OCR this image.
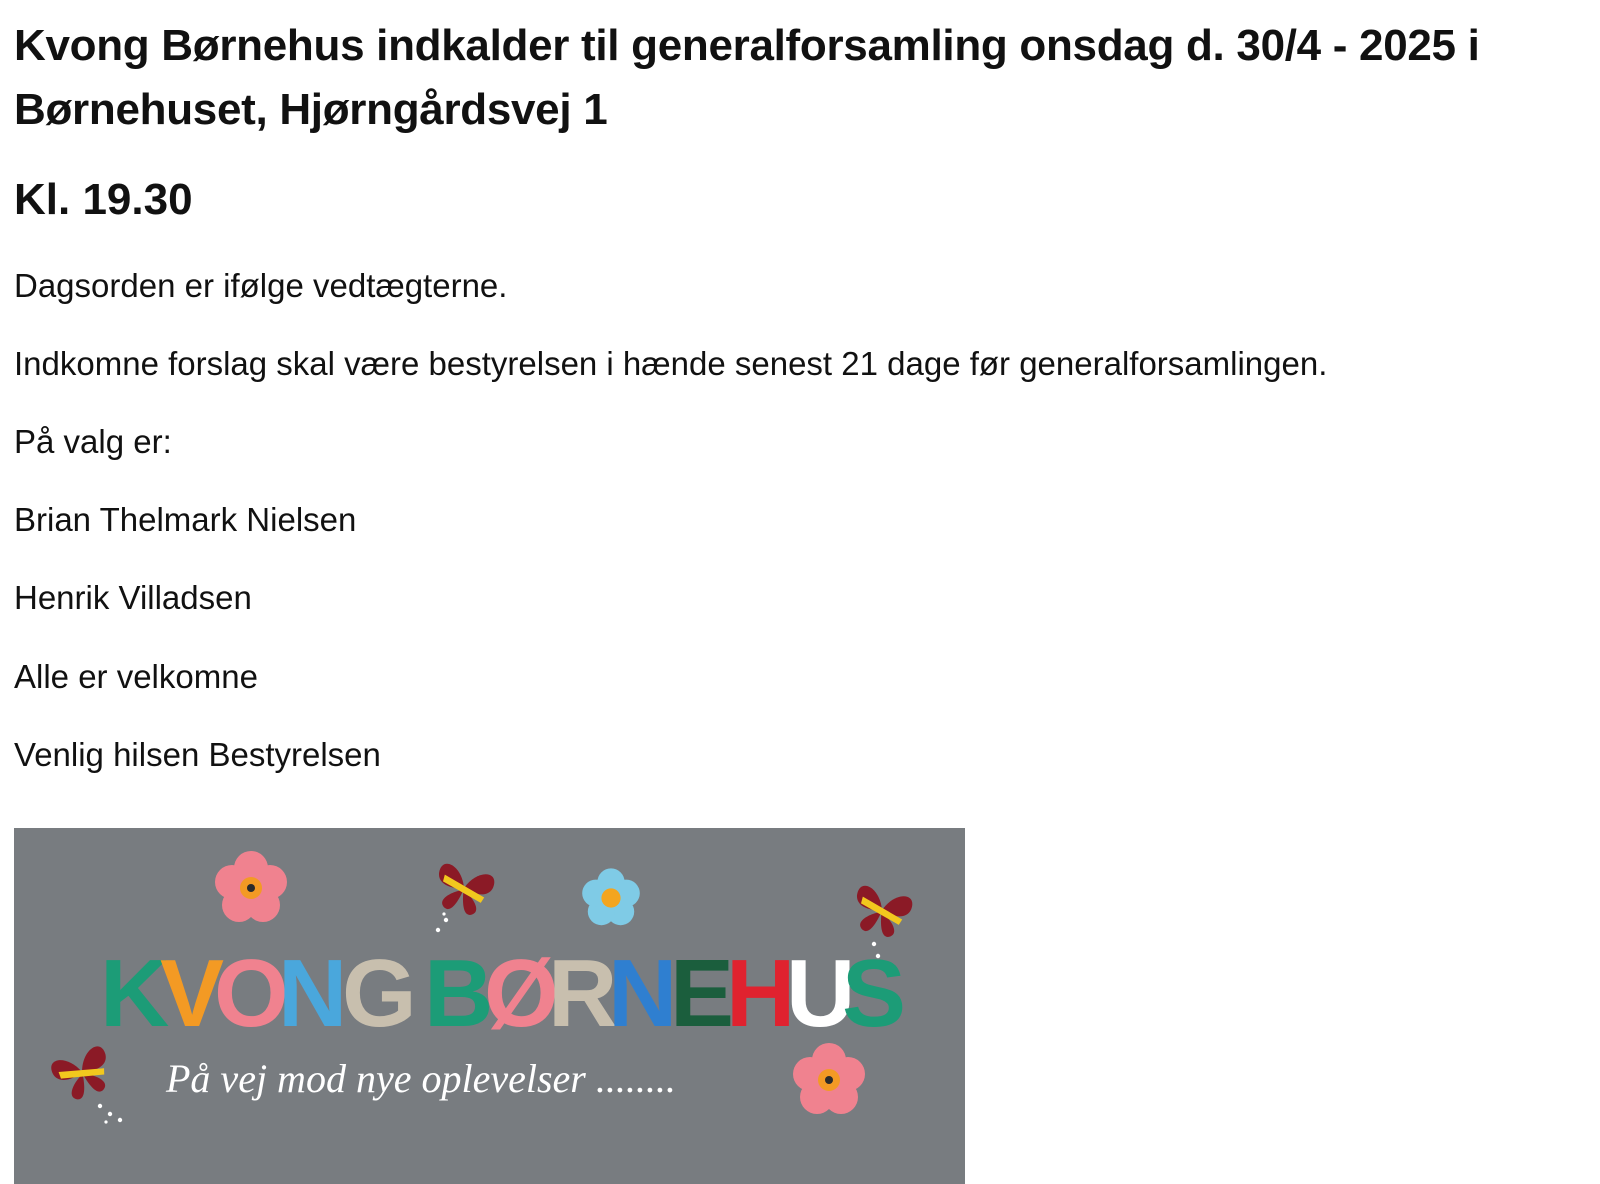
Kvong Børnehus indkalder til generalforsamling onsdag d. 30/4 - 2025 i Børnehuset, Hjørngårdsvej 1
Kl. 19.30

Dagsorden er ifølge vedtægterne.

Indkomne forslag skal være bestyrelsen i hænde senest 21 dage før generalforsamlingen.

På valg er:

Brian Thelmark Nielsen

Henrik Villadsen

Alle er velkomne

Venlig hilsen Bestyrelsen

K
V
O
N
G B
Ø
R
N
E
H
U
S
På vej mod nye oplevelser ........
